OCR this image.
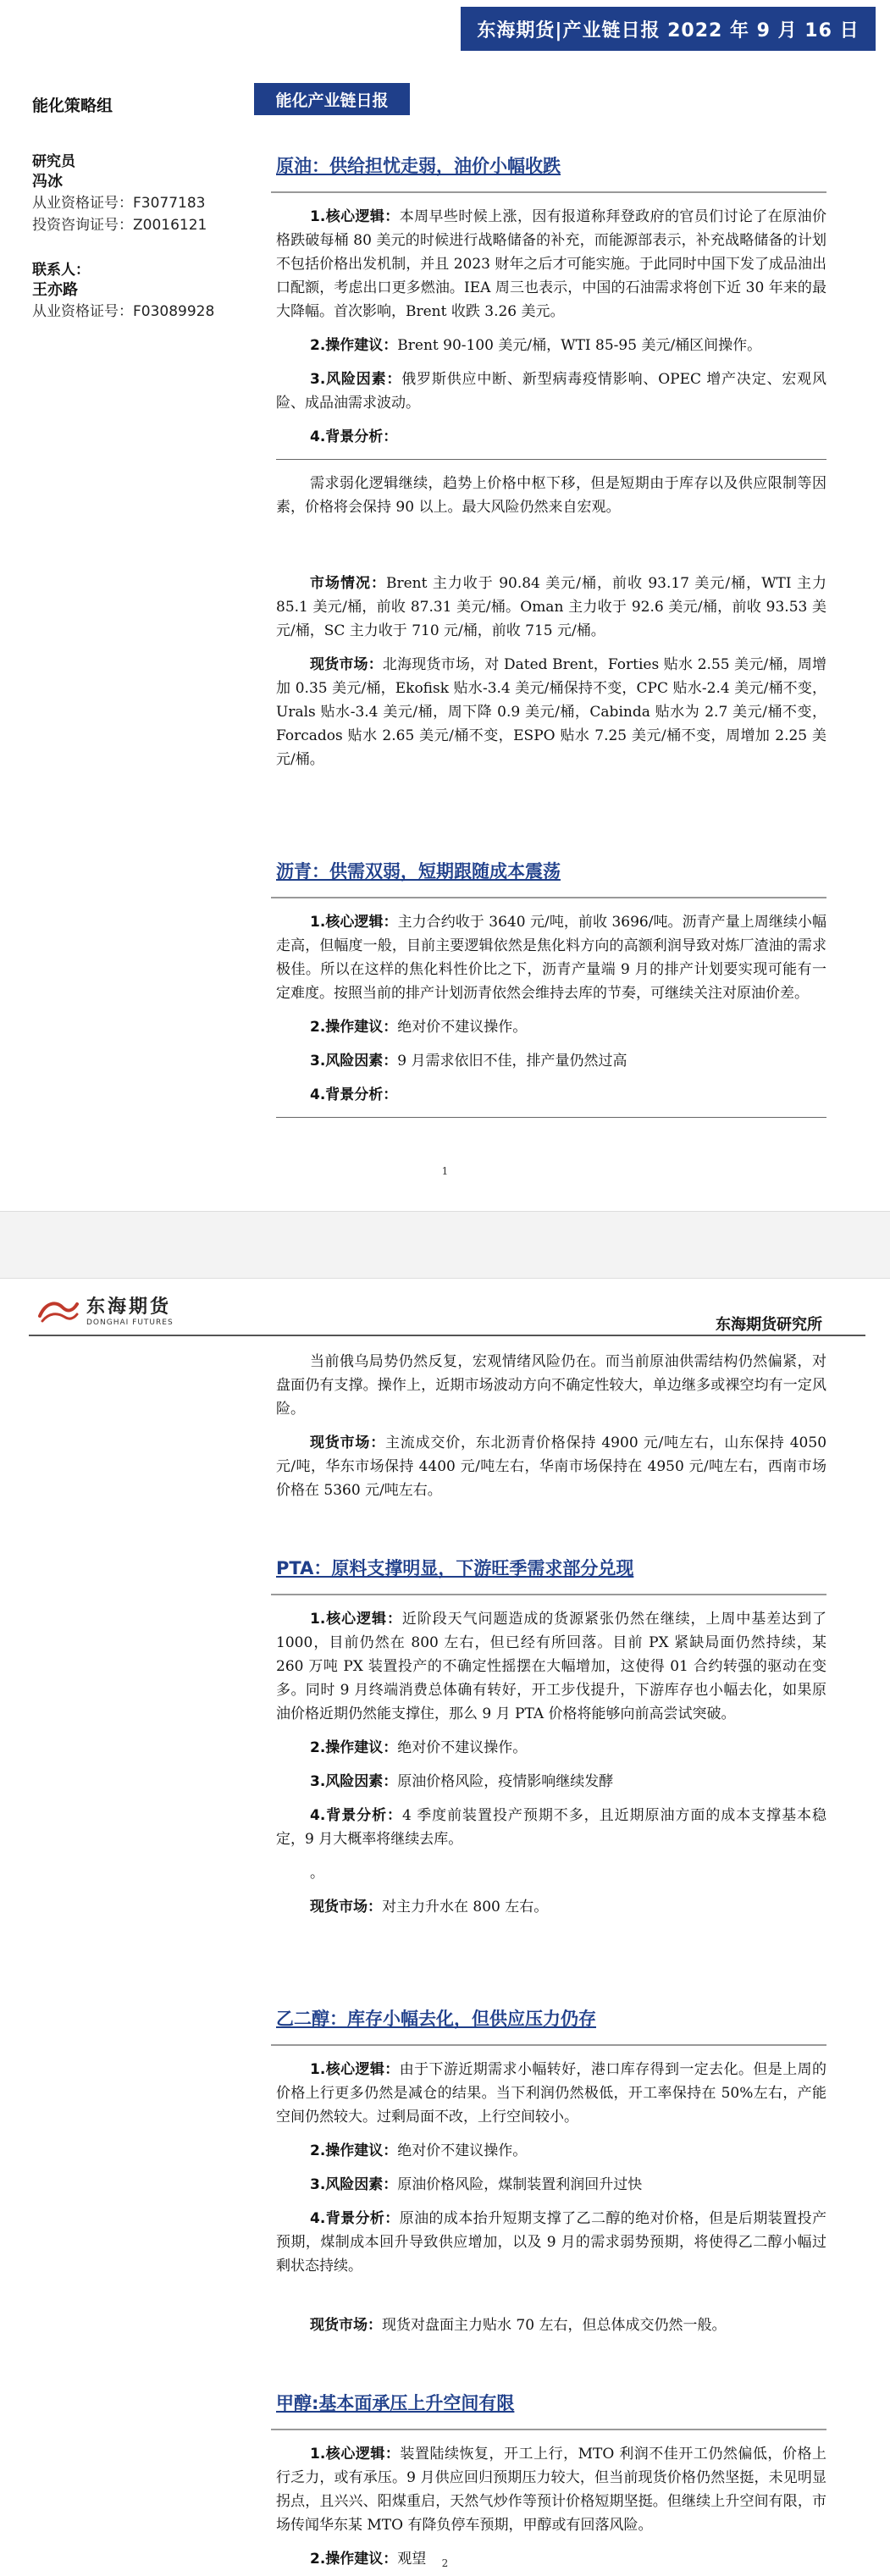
东海期货|产业链日报 2022 年 9 月 16 日
能化策略组
研究员
冯冰
从业资格证号：F3077183
投资咨询证号：Z0016121
联系人：
王亦路
从业资格证号：F03089928
能化产业链日报
原油：供给担忧走弱，油价小幅收跌

1.核心逻辑：本周早些时候上涨，因有报道称拜登政府的官员们讨论了在原油价格跌破每桶 80 美元的时候进行战略储备的补充，而能源部表示，补充战略储备的计划不包括价格出发机制，并且 2023 财年之后才可能实施。于此同时中国下发了成品油出口配额，考虑出口更多燃油。IEA 周三也表示，中国的石油需求将创下近 30 年来的最大降幅。首次影响，Brent 收跌 3.26 美元。

2.操作建议：Brent 90-100 美元/桶，WTI 85-95 美元/桶区间操作。

3.风险因素：俄罗斯供应中断、新型病毒疫情影响、OPEC 增产决定、宏观风险、成品油需求波动。

4.背景分析：

需求弱化逻辑继续，趋势上价格中枢下移，但是短期由于库存以及供应限制等因素，价格将会保持 90 以上。最大风险仍然来自宏观。

市场情况：Brent 主力收于 90.84 美元/桶，前收 93.17 美元/桶，WTI 主力 85.1 美元/桶，前收 87.31 美元/桶。Oman 主力收于 92.6 美元/桶，前收 93.53 美元/桶，SC 主力收于 710 元/桶，前收 715 元/桶。

现货市场：北海现货市场，对 Dated Brent，Forties 贴水 2.55 美元/桶，周增加 0.35 美元/桶，Ekofisk 贴水-3.4 美元/桶保持不变，CPC 贴水-2.4 美元/桶不变，Urals 贴水-3.4 美元/桶，周下降 0.9 美元/桶，Cabinda 贴水为 2.7 美元/桶不变， Forcados 贴水 2.65 美元/桶不变，ESPO 贴水 7.25 美元/桶不变，周增加 2.25 美元/桶。

沥青：供需双弱，短期跟随成本震荡

1.核心逻辑：主力合约收于 3640 元/吨，前收 3696/吨。沥青产量上周继续小幅走高，但幅度一般，目前主要逻辑依然是焦化料方向的高额利润导致对炼厂渣油的需求极佳。所以在这样的焦化料性价比之下，沥青产量端 9 月的排产计划要实现可能有一定难度。按照当前的排产计划沥青依然会维持去库的节奏，可继续关注对原油价差。

2.操作建议：绝对价不建议操作。

3.风险因素：9 月需求依旧不佳，排产量仍然过高

4.背景分析：

1
东海期货
DONGHAI FUTURES	东海期货研究所

当前俄乌局势仍然反复，宏观情绪风险仍在。而当前原油供需结构仍然偏紧，对盘面仍有支撑。操作上，近期市场波动方向不确定性较大，单边继多或裸空均有一定风险。

现货市场：主流成交价，东北沥青价格保持 4900 元/吨左右，山东保持 4050 元/吨，华东市场保持 4400 元/吨左右，华南市场保持在 4950 元/吨左右，西南市场价格在 5360 元/吨左右。

PTA：原料支撑明显，下游旺季需求部分兑现

1.核心逻辑：近阶段天气问题造成的货源紧张仍然在继续，上周中基差达到了 1000，目前仍然在 800 左右，但已经有所回落。目前 PX 紧缺局面仍然持续，某 260 万吨 PX 装置投产的不确定性摇摆在大幅增加，这使得 01 合约转强的驱动在变多。同时 9 月终端消费总体确有转好，开工步伐提升，下游库存也小幅去化，如果原油价格近期仍然能支撑住，那么 9 月 PTA 价格将能够向前高尝试突破。

2.操作建议：绝对价不建议操作。

3.风险因素：原油价格风险，疫情影响继续发酵

4.背景分析：4 季度前装置投产预期不多，且近期原油方面的成本支撑基本稳定，9 月大概率将继续去库。

。

现货市场：对主力升水在 800 左右。

乙二醇：库存小幅去化，但供应压力仍存

1.核心逻辑：由于下游近期需求小幅转好，港口库存得到一定去化。但是上周的价格上行更多仍然是减仓的结果。当下利润仍然极低，开工率保持在 50%左右，产能空间仍然较大。过剩局面不改，上行空间较小。

2.操作建议：绝对价不建议操作。

3.风险因素：原油价格风险，煤制装置利润回升过快

4.背景分析：原油的成本抬升短期支撑了乙二醇的绝对价格，但是后期装置投产预期，煤制成本回升导致供应增加，以及 9 月的需求弱势预期，将使得乙二醇小幅过剩状态持续。

现货市场：现货对盘面主力贴水 70 左右，但总体成交仍然一般。

甲醇:基本面承压上升空间有限

1.核心逻辑：装置陆续恢复，开工上行，MTO 利润不佳开工仍然偏低，价格上行乏力，或有承压。9 月供应回归预期压力较大，但当前现货价格仍然坚挺，未见明显拐点，且兴兴、阳煤重启，天然气炒作等预计价格短期坚挺。但继续上升空间有限，市场传闻华东某 MTO 有降负停车预期，甲醇或有回落风险。

2.操作建议：观望	2
